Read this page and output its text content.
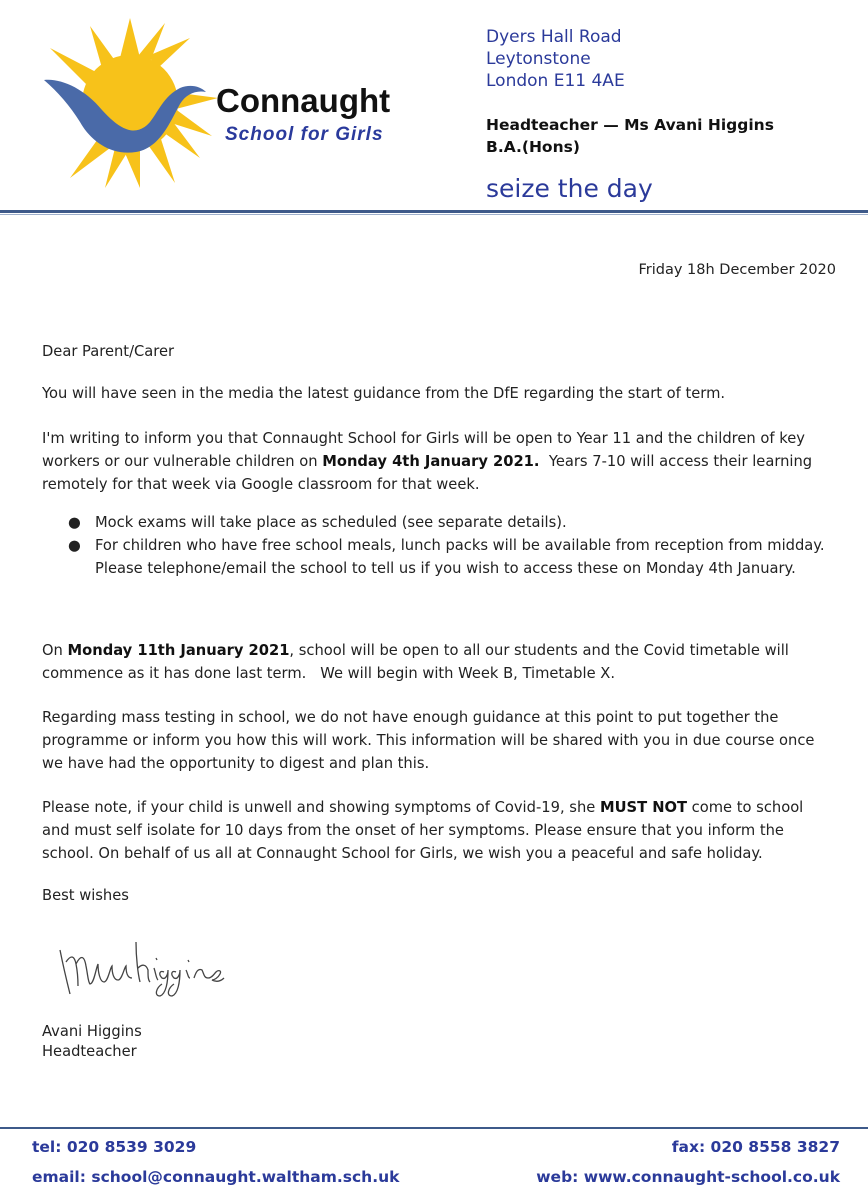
Connaught
School for Girls
Dyers Hall Road
Leytonstone
London E11 4AE
Headteacher — Ms Avani Higgins
B.A.(Hons)
seize the day
Friday 18h December 2020
Dear Parent/Carer
You will have seen in the media the latest guidance from the DfE regarding the start of term.
I'm writing to inform you that Connaught School for Girls will be open to Year 11 and the children of key workers or our vulnerable children on Monday 4th January 2021.  Years 7-10 will access their learning remotely for that week via Google classroom for that week.
● Mock exams will take place as scheduled (see separate details).
● For children who have free school meals, lunch packs will be available from reception from midday. Please telephone/email the school to tell us if you wish to access these on Monday 4th January.
On Monday 11th January 2021, school will be open to all our students and the Covid timetable will commence as it has done last term.   We will begin with Week B, Timetable X.
Regarding mass testing in school, we do not have enough guidance at this point to put together the programme or inform you how this will work. This information will be shared with you in due course once we have had the opportunity to digest and plan this.
Please note, if your child is unwell and showing symptoms of Covid-19, she MUST NOT come to school and must self isolate for 10 days from the onset of her symptoms. Please ensure that you inform the school. On behalf of us all at Connaught School for Girls, we wish you a peaceful and safe holiday.
Best wishes
Avani Higgins
Headteacher
tel: 020 8539 3029	fax: 020 8558 3827
email: school@connaught.waltham.sch.uk	web: www.connaught-school.co.uk
